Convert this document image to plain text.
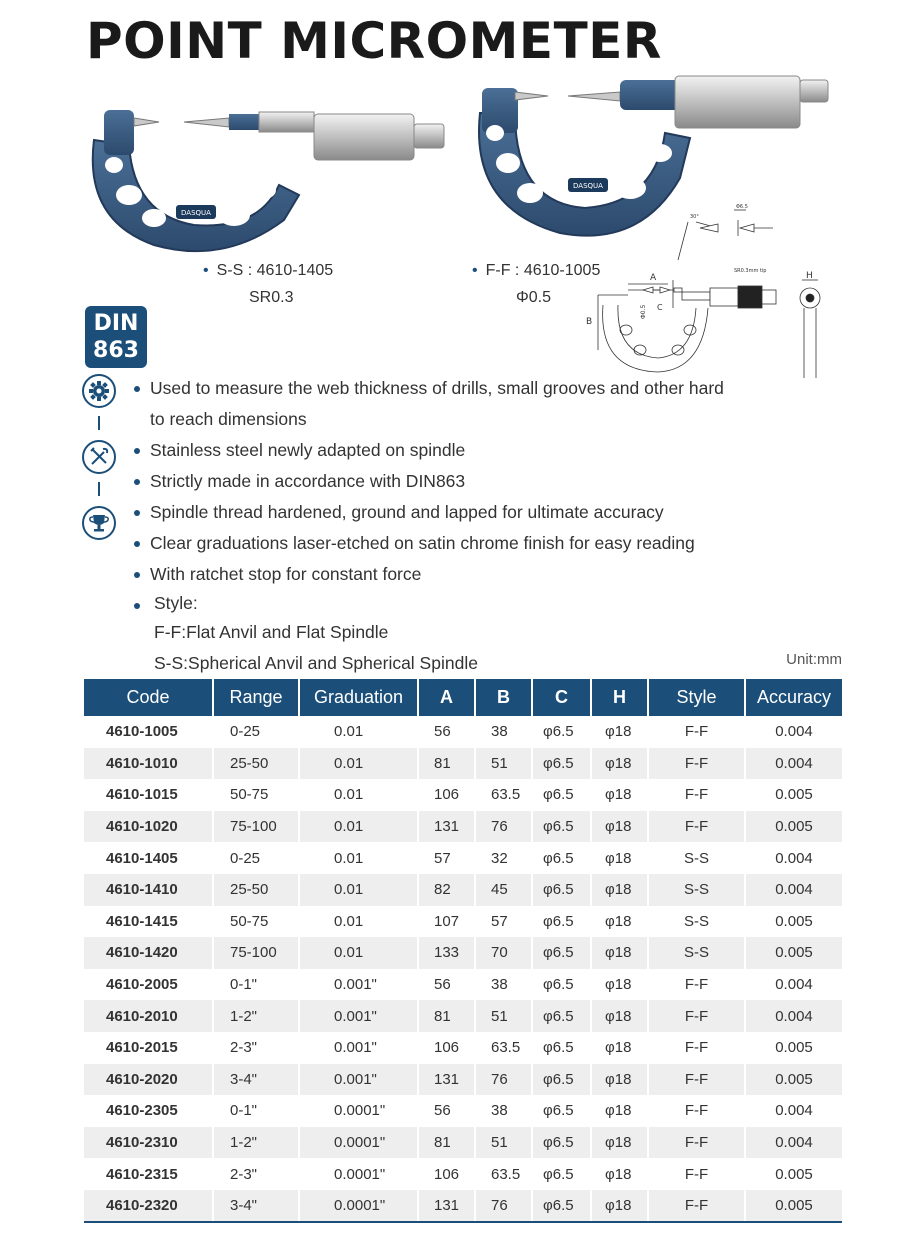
POINT MICROMETER
DASQUA
DASQUA
• S-S : 4610-1405
SR0.3
• F-F : 4610-1005
Φ0.5
30°
Φ6.5
SR0.3mm tip
A
B
C
H
Φ0.5
DIN
863
Used to measure the web thickness of drills, small grooves and other hard
to reach dimensions
Stainless steel newly adapted on spindle
Strictly made in accordance with DIN863
Spindle thread hardened, ground and lapped for ultimate accuracy
Clear graduations laser-etched on satin chrome finish for easy reading
With ratchet stop for constant force
Style:
F-F:Flat Anvil and Flat Spindle
S-S:Spherical Anvil and Spherical Spindle	Unit:mm
Code	Range	Graduation	A	B	C	H	Style	Accuracy
4610-1005	0-25	0.01	56	38	φ6.5	φ18	F-F	0.004
4610-1010	25-50	0.01	81	51	φ6.5	φ18	F-F	0.004
4610-1015	50-75	0.01	106	63.5	φ6.5	φ18	F-F	0.005
4610-1020	75-100	0.01	131	76	φ6.5	φ18	F-F	0.005
4610-1405	0-25	0.01	57	32	φ6.5	φ18	S-S	0.004
4610-1410	25-50	0.01	82	45	φ6.5	φ18	S-S	0.004
4610-1415	50-75	0.01	107	57	φ6.5	φ18	S-S	0.005
4610-1420	75-100	0.01	133	70	φ6.5	φ18	S-S	0.005
4610-2005	0-1"	0.001"	56	38	φ6.5	φ18	F-F	0.004
4610-2010	1-2"	0.001"	81	51	φ6.5	φ18	F-F	0.004
4610-2015	2-3"	0.001"	106	63.5	φ6.5	φ18	F-F	0.005
4610-2020	3-4"	0.001"	131	76	φ6.5	φ18	F-F	0.005
4610-2305	0-1"	0.0001"	56	38	φ6.5	φ18	F-F	0.004
4610-2310	1-2"	0.0001"	81	51	φ6.5	φ18	F-F	0.004
4610-2315	2-3"	0.0001"	106	63.5	φ6.5	φ18	F-F	0.005
4610-2320	3-4"	0.0001"	131	76	φ6.5	φ18	F-F	0.005
